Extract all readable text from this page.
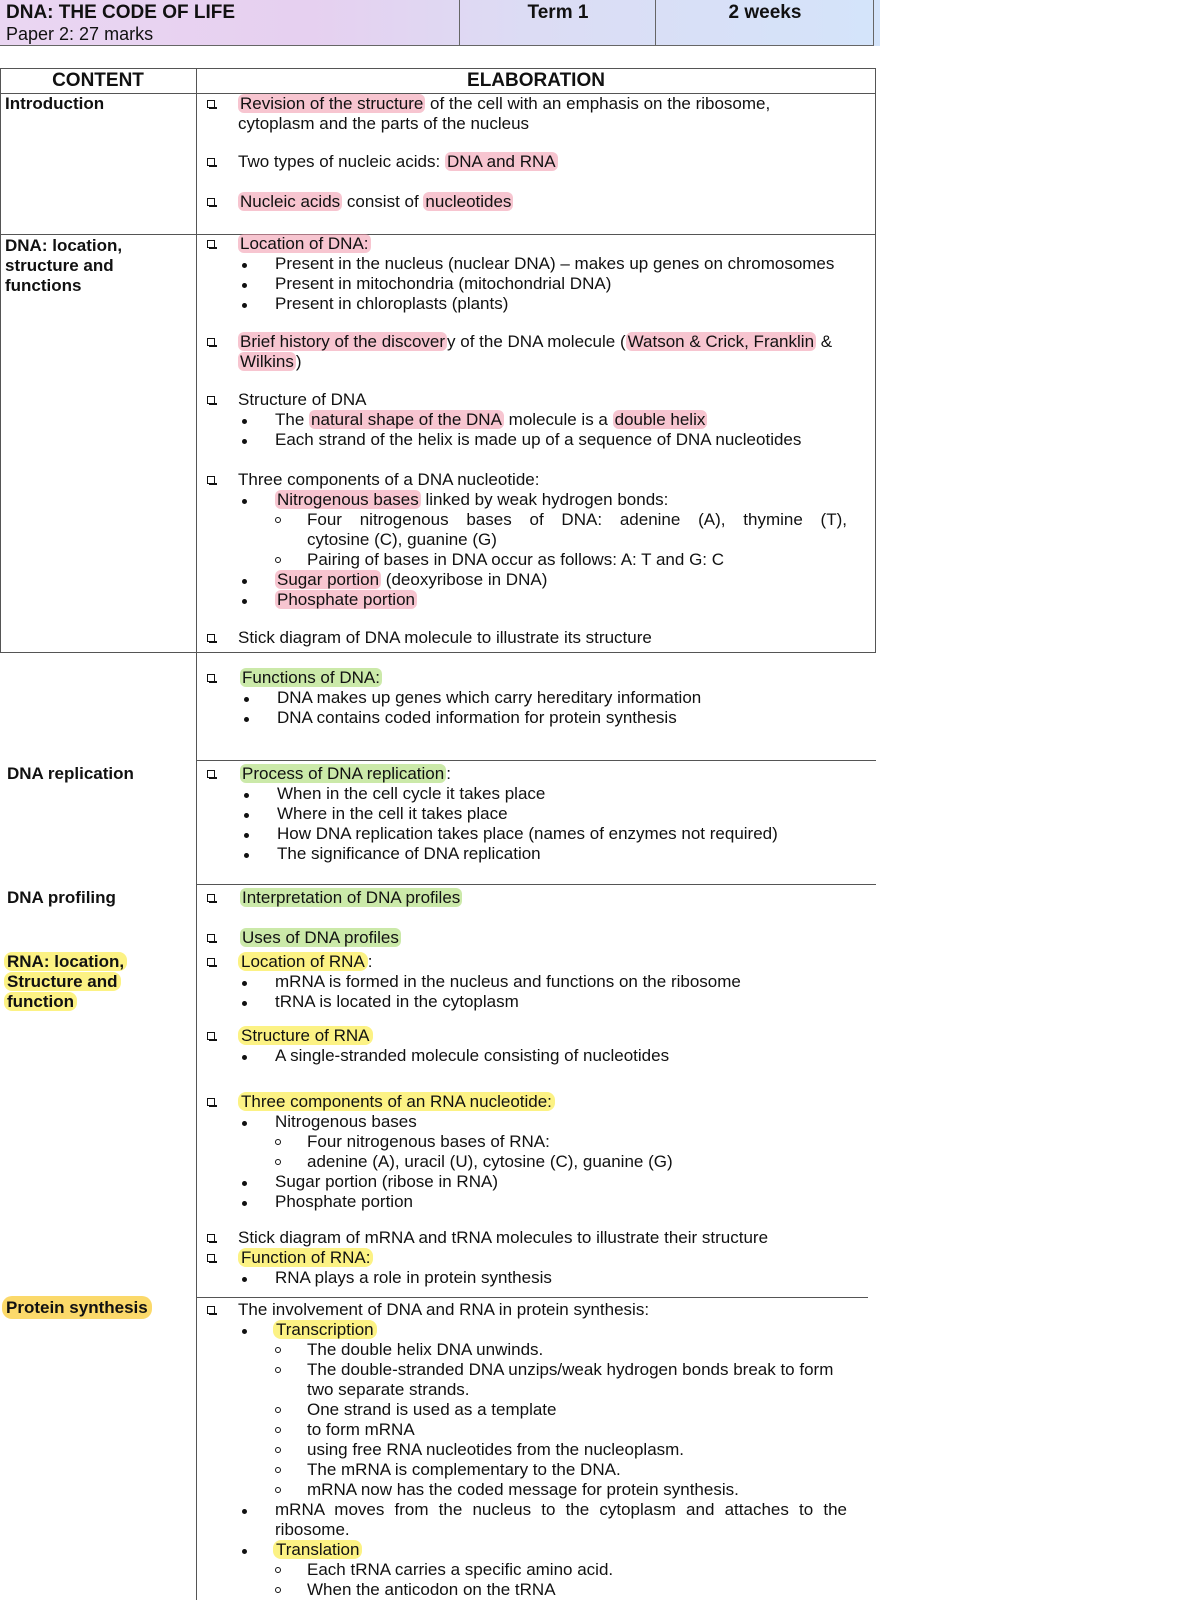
DNA: THE CODE OF LIFE
Paper 2: 27 marks
Term 1	2 weeks
CONTENT	ELABORATION
Introduction
DNA: location,
structure and
functions
DNA replication
DNA profiling
RNA: location,
Structure and
function
Protein synthesis
Revision of the structure of the cell with an emphasis on the ribosome,
cytoplasm and the parts of the nucleus
Two types of nucleic acids: DNA and RNA
Nucleic acids consist of nucleotides
Location of DNA:
Present in the nucleus (nuclear DNA) – makes up genes on chromosomes
Present in mitochondria (mitochondrial DNA)
Present in chloroplasts (plants)
Brief history of the discover y of the DNA molecule ( Watson & Crick, Franklin &
Wilkins )
Structure of DNA
The natural shape of the DNA molecule is a double helix
Each strand of the helix is made up of a sequence of DNA nucleotides
Three components of a DNA nucleotide:
Nitrogenous bases linked by weak hydrogen bonds:
Four nitrogenous bases of DNA: adenine (A), thymine (T),
cytosine (C), guanine (G)
Pairing of bases in DNA occur as follows: A: T and G: C
Sugar portion (deoxyribose in DNA)
Phosphate portion
Stick diagram of DNA molecule to illustrate its structure
Functions of DNA:
DNA makes up genes which carry hereditary information
DNA contains coded information for protein synthesis
Process of DNA replication :
When in the cell cycle it takes place
Where in the cell it takes place
How DNA replication takes place (names of enzymes not required)
The significance of DNA replication
Interpretation of DNA profiles
Uses of DNA profiles
Location of RNA :
mRNA is formed in the nucleus and functions on the ribosome
tRNA is located in the cytoplasm
Structure of RNA
A single-stranded molecule consisting of nucleotides
Three components of an RNA nucleotide:
Nitrogenous bases
Four nitrogenous bases of RNA:
adenine (A), uracil (U), cytosine (C), guanine (G)
Sugar portion (ribose in RNA)
Phosphate portion
Stick diagram of mRNA and tRNA molecules to illustrate their structure
Function of RNA:
RNA plays a role in protein synthesis
The involvement of DNA and RNA in protein synthesis:
Transcription
The double helix DNA unwinds.
The double-stranded DNA unzips/weak hydrogen bonds break to form
two separate strands.
One strand is used as a template
to form mRNA
using free RNA nucleotides from the nucleoplasm.
The mRNA is complementary to the DNA.
mRNA now has the coded message for protein synthesis.
mRNA moves from the nucleus to the cytoplasm and attaches to the
ribosome.
Translation
Each tRNA carries a specific amino acid.
When the anticodon on the tRNA
